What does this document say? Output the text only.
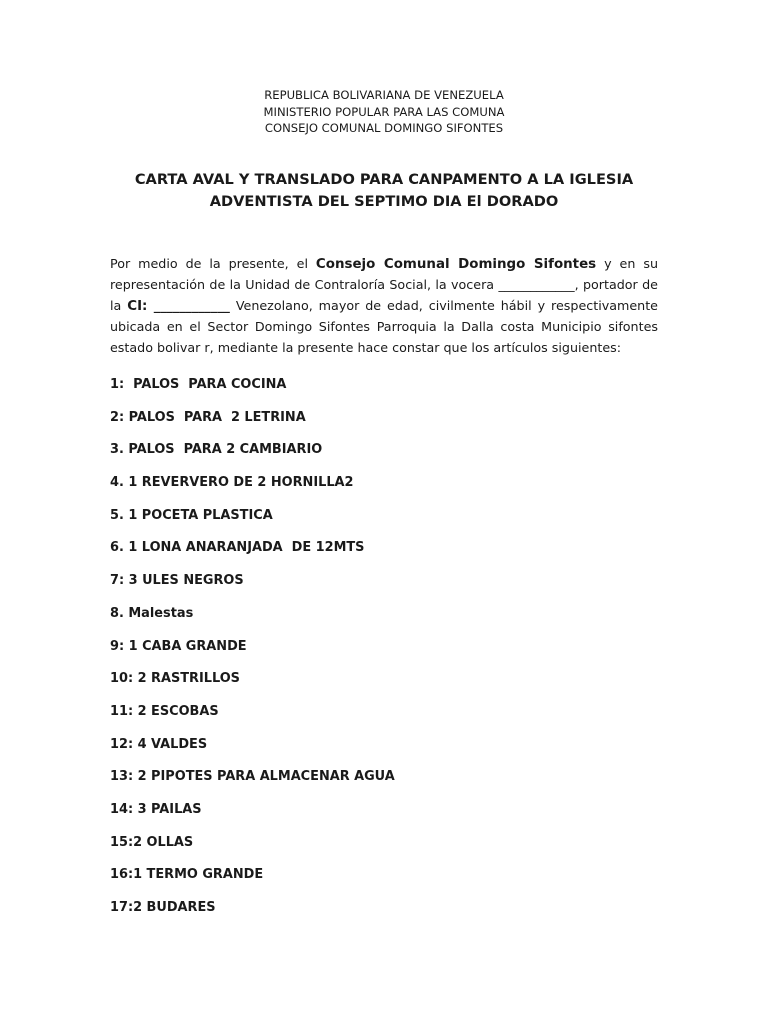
REPUBLICA BOLIVARIANA DE VENEZUELA
MINISTERIO POPULAR PARA LAS COMUNA
CONSEJO COMUNAL DOMINGO SIFONTES
CARTA AVAL Y TRANSLADO PARA CANPAMENTO A LA IGLESIA
ADVENTISTA DEL SEPTIMO DIA El DORADO

Por medio de la presente, el Consejo Comunal Domingo Sifontes y en su representación de la Unidad de Contraloría Social, la vocera ____________, portador de la CI: ____________ Venezolano, mayor de edad, civilmente hábil y respectivamente ubicada en el Sector Domingo Sifontes Parroquia la Dalla costa Municipio sifontes estado bolivar r, mediante la presente hace constar que los artículos siguientes:

1:  PALOS  PARA COCINA
2: PALOS  PARA  2 LETRINA
3. PALOS  PARA 2 CAMBIARIO
4. 1 REVERVERO DE 2 HORNILLA2
5. 1 POCETA PLASTICA
6. 1 LONA ANARANJADA  DE 12MTS
7: 3 ULES NEGROS
8. Malestas
9: 1 CABA GRANDE
10: 2 RASTRILLOS
11: 2 ESCOBAS
12: 4 VALDES
13: 2 PIPOTES PARA ALMACENAR AGUA
14: 3 PAILAS
15:2 OLLAS
16:1 TERMO GRANDE
17:2 BUDARES
